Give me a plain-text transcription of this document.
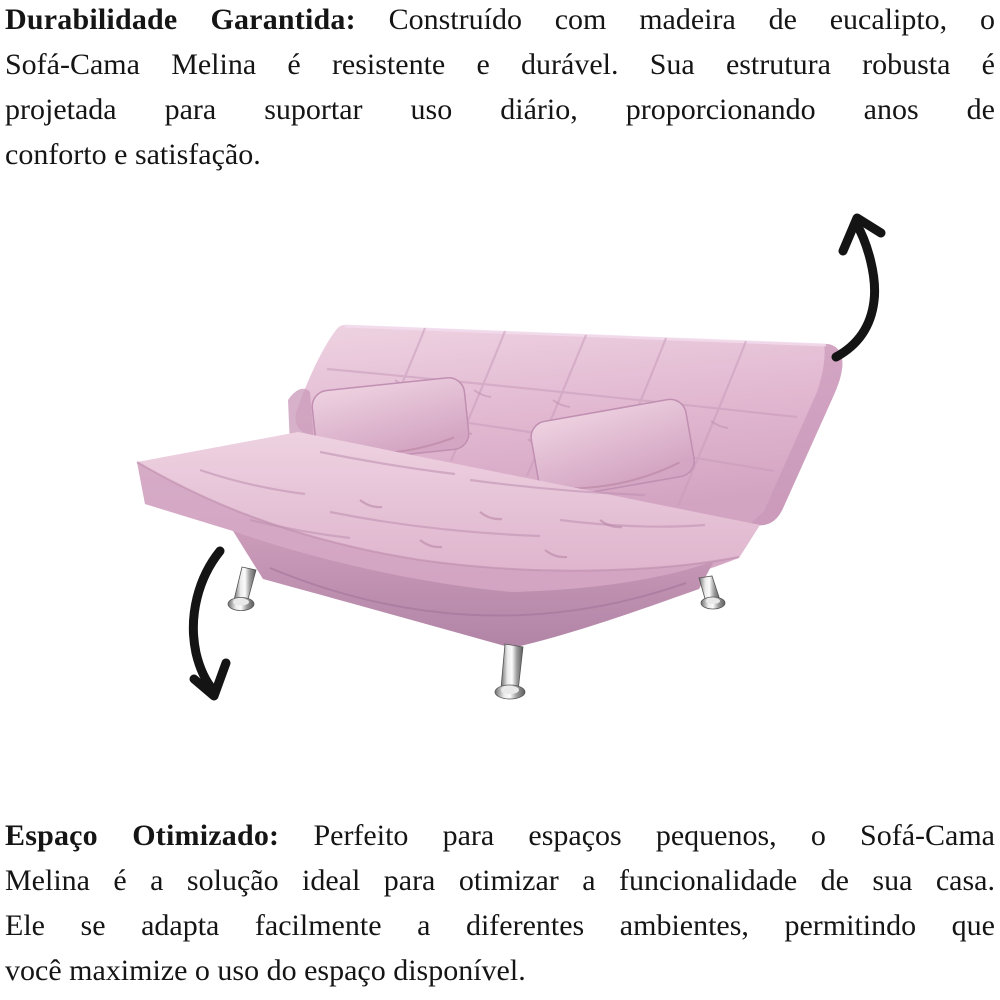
Durabilidade Garantida: Construído com madeira de eucalipto, o
Sofá-Cama Melina é resistente e durável. Sua estrutura robusta é
projetada para suportar uso diário, proporcionando anos de
conforto e satisfação.
Espaço Otimizado: Perfeito para espaços pequenos, o Sofá-Cama
Melina é a solução ideal para otimizar a funcionalidade de sua casa.
Ele se adapta facilmente a diferentes ambientes, permitindo que
você maximize o uso do espaço disponível.
